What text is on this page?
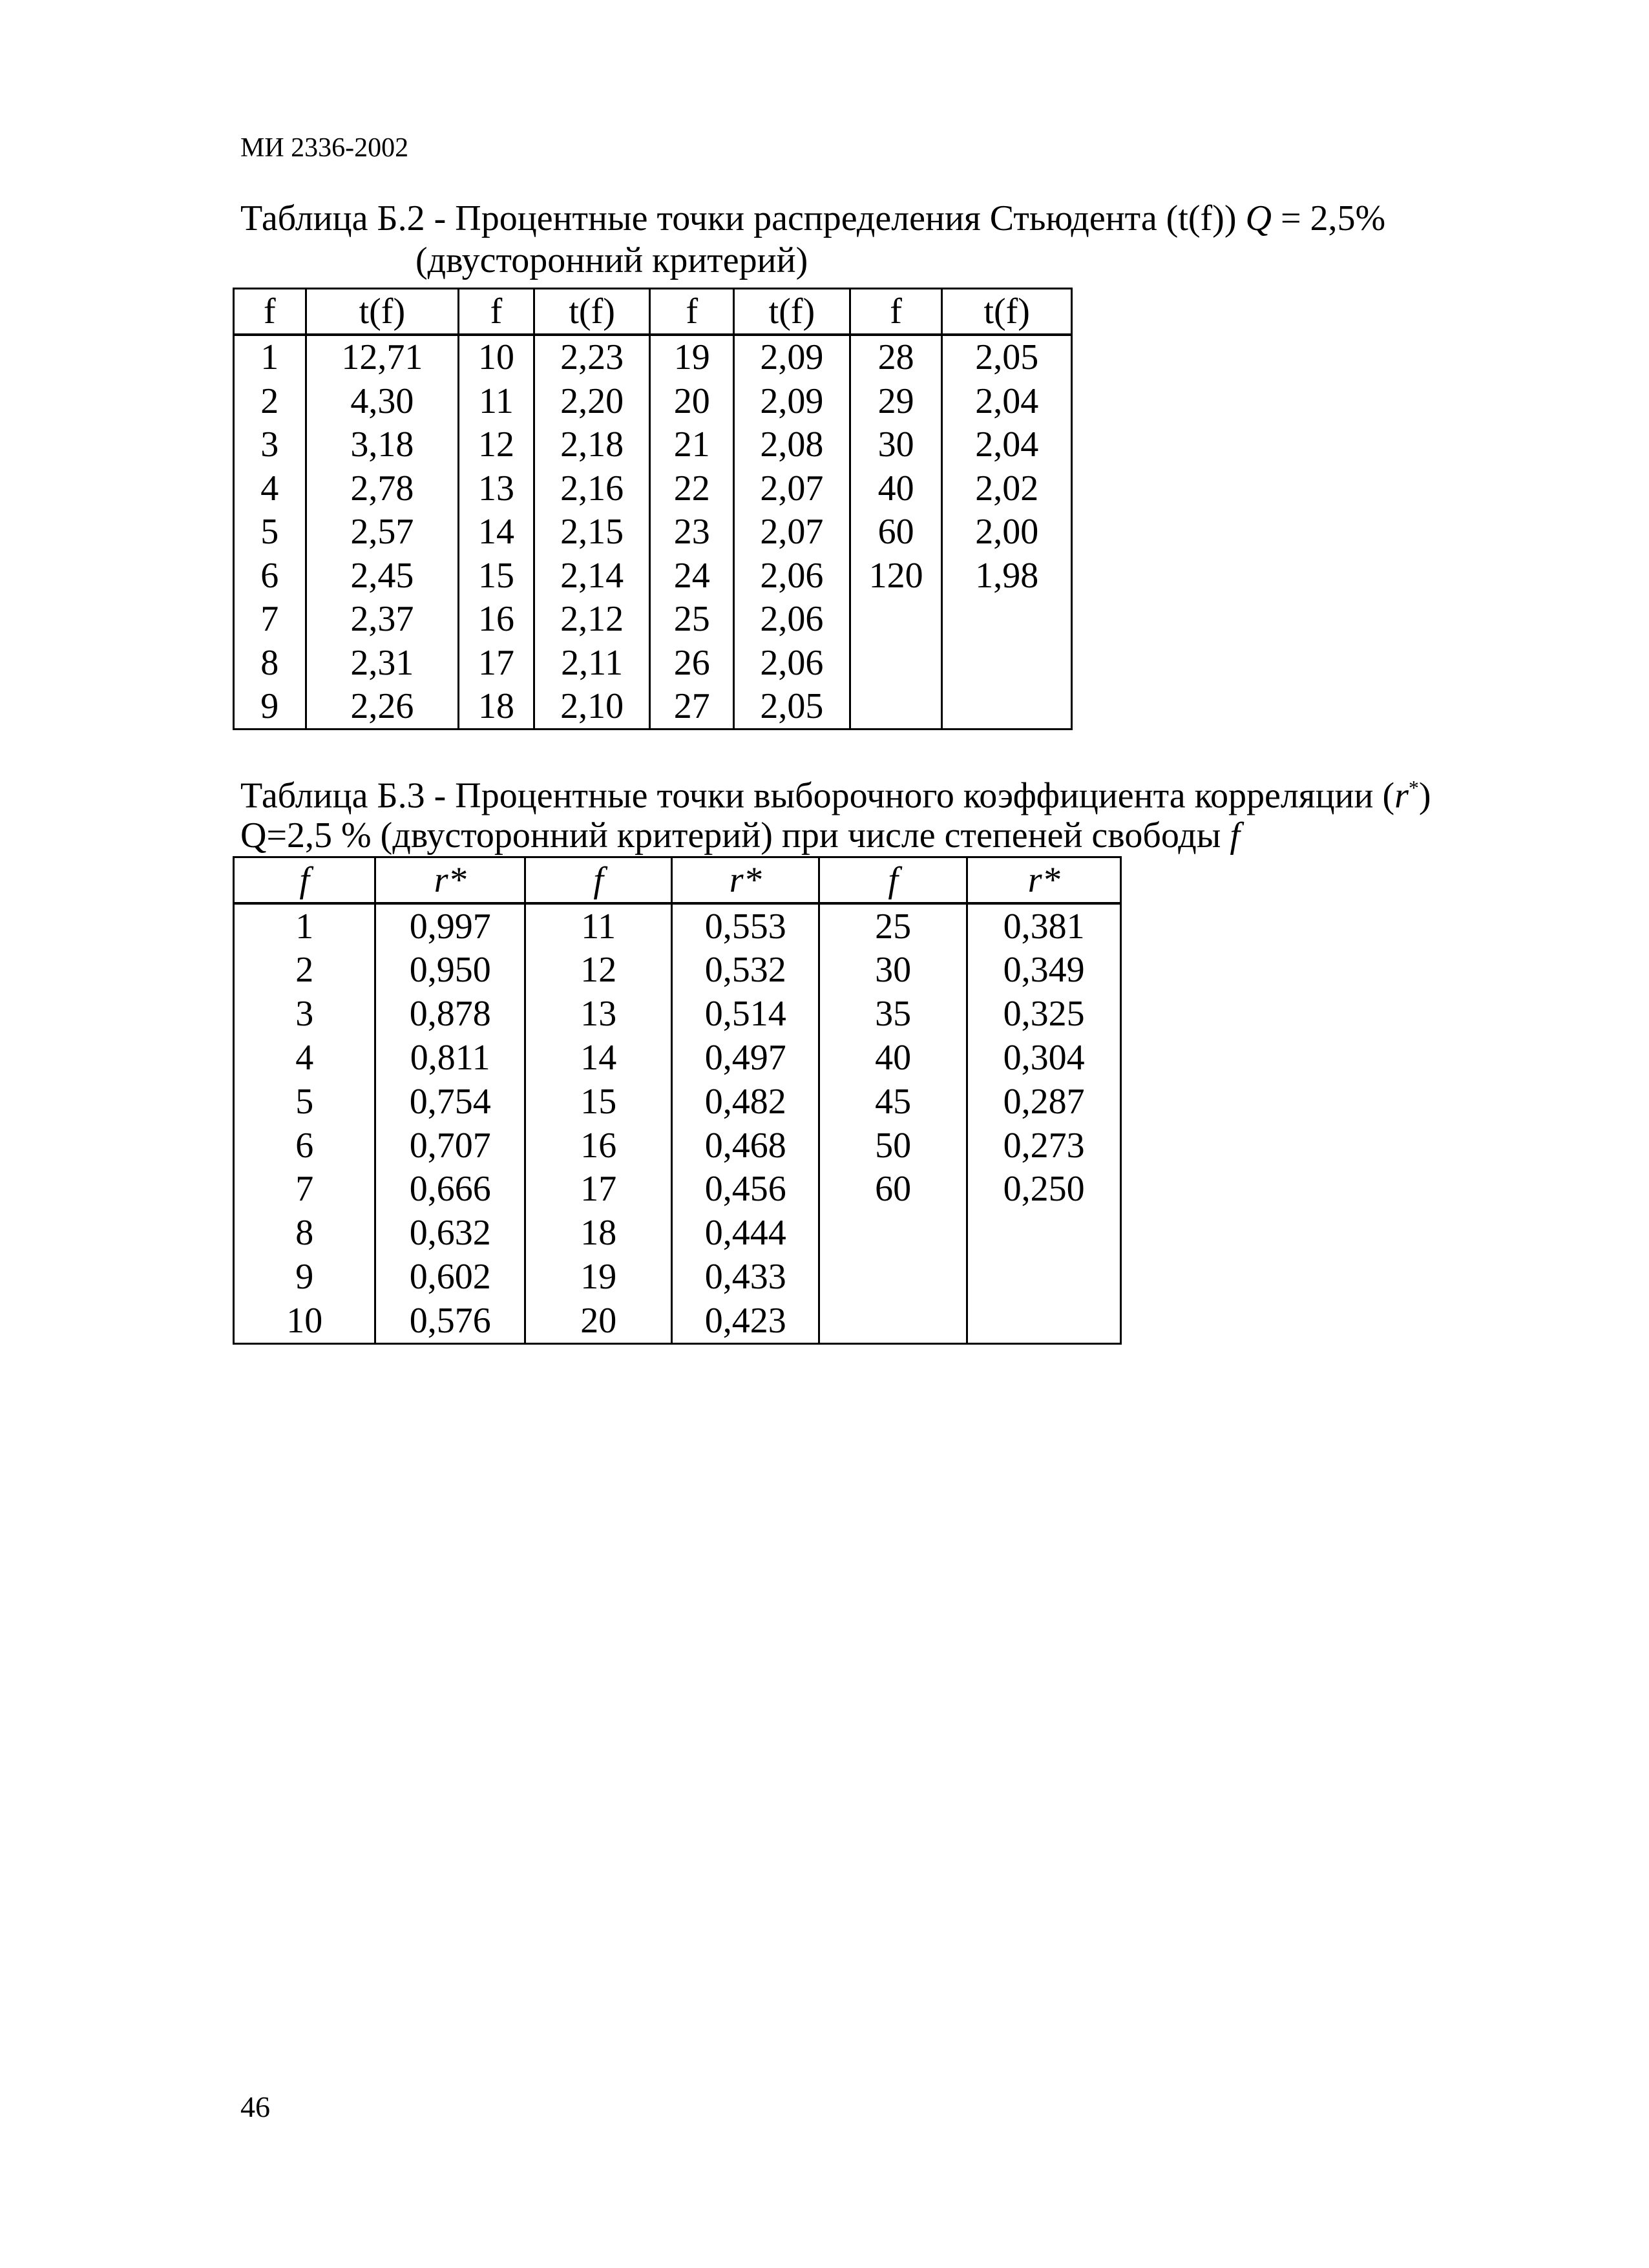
МИ 2336-2002
Таблица Б.2 - Процентные точки распределения Стьюдента (t(f)) Q = 2,5%
(двусторонний критерий)
f	t(f)	f	t(f)	f	t(f)	f	t(f)
1	12,71	10	2,23	19	2,09	28	2,05
2	4,30	11	2,20	20	2,09	29	2,04
3	3,18	12	2,18	21	2,08	30	2,04
4	2,78	13	2,16	22	2,07	40	2,02
5	2,57	14	2,15	23	2,07	60	2,00
6	2,45	15	2,14	24	2,06	120	1,98
7	2,37	16	2,12	25	2,06		
8	2,31	17	2,11	26	2,06		
9	2,26	18	2,10	27	2,05		
Таблица Б.3 - Процентные точки выборочного коэффициента корреляции (r*)
Q=2,5 % (двусторонний критерий) при числе степеней свободы f
f	r*	f	r*	f	r*
1	0,997	11	0,553	25	0,381
2	0,950	12	0,532	30	0,349
3	0,878	13	0,514	35	0,325
4	0,811	14	0,497	40	0,304
5	0,754	15	0,482	45	0,287
6	0,707	16	0,468	50	0,273
7	0,666	17	0,456	60	0,250
8	0,632	18	0,444		
9	0,602	19	0,433		
10	0,576	20	0,423		
46
